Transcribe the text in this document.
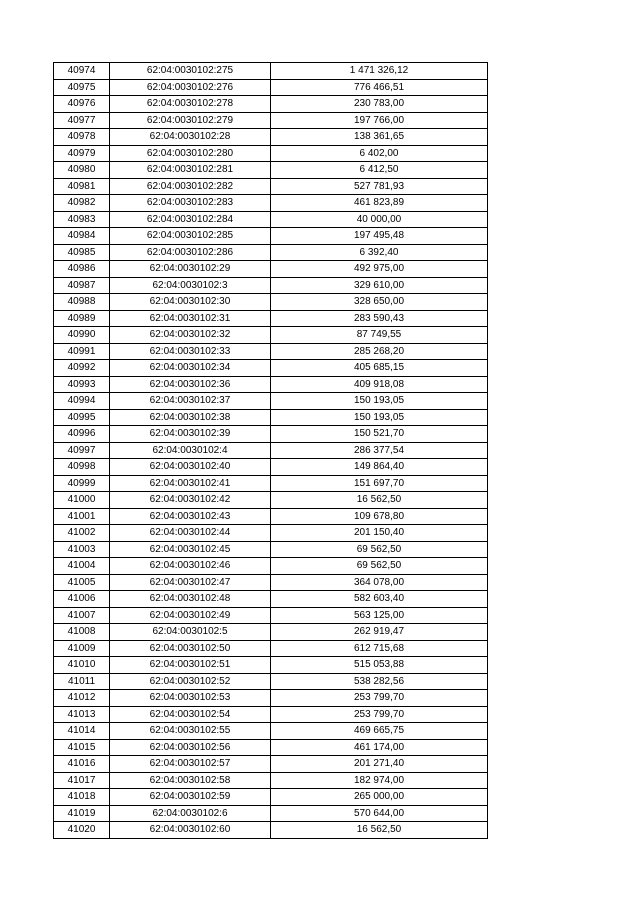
40974	62:04:0030102:275	1 471 326,12
40975	62:04:0030102:276	776 466,51
40976	62:04:0030102:278	230 783,00
40977	62:04:0030102:279	197 766,00
40978	62:04:0030102:28	138 361,65
40979	62:04:0030102:280	6 402,00
40980	62:04:0030102:281	6 412,50
40981	62:04:0030102:282	527 781,93
40982	62:04:0030102:283	461 823,89
40983	62:04:0030102:284	40 000,00
40984	62:04:0030102:285	197 495,48
40985	62:04:0030102:286	6 392,40
40986	62:04:0030102:29	492 975,00
40987	62:04:0030102:3	329 610,00
40988	62:04:0030102:30	328 650,00
40989	62:04:0030102:31	283 590,43
40990	62:04:0030102:32	87 749,55
40991	62:04:0030102:33	285 268,20
40992	62:04:0030102:34	405 685,15
40993	62:04:0030102:36	409 918,08
40994	62:04:0030102:37	150 193,05
40995	62:04:0030102:38	150 193,05
40996	62:04:0030102:39	150 521,70
40997	62:04:0030102:4	286 377,54
40998	62:04:0030102:40	149 864,40
40999	62:04:0030102:41	151 697,70
41000	62:04:0030102:42	16 562,50
41001	62:04:0030102:43	109 678,80
41002	62:04:0030102:44	201 150,40
41003	62:04:0030102:45	69 562,50
41004	62:04:0030102:46	69 562,50
41005	62:04:0030102:47	364 078,00
41006	62:04:0030102:48	582 603,40
41007	62:04:0030102:49	563 125,00
41008	62:04:0030102:5	262 919,47
41009	62:04:0030102:50	612 715,68
41010	62:04:0030102:51	515 053,88
41011	62:04:0030102:52	538 282,56
41012	62:04:0030102:53	253 799,70
41013	62:04:0030102:54	253 799,70
41014	62:04:0030102:55	469 665,75
41015	62:04:0030102:56	461 174,00
41016	62:04:0030102:57	201 271,40
41017	62:04:0030102:58	182 974,00
41018	62:04:0030102:59	265 000,00
41019	62:04:0030102:6	570 644,00
41020	62:04:0030102:60	16 562,50
